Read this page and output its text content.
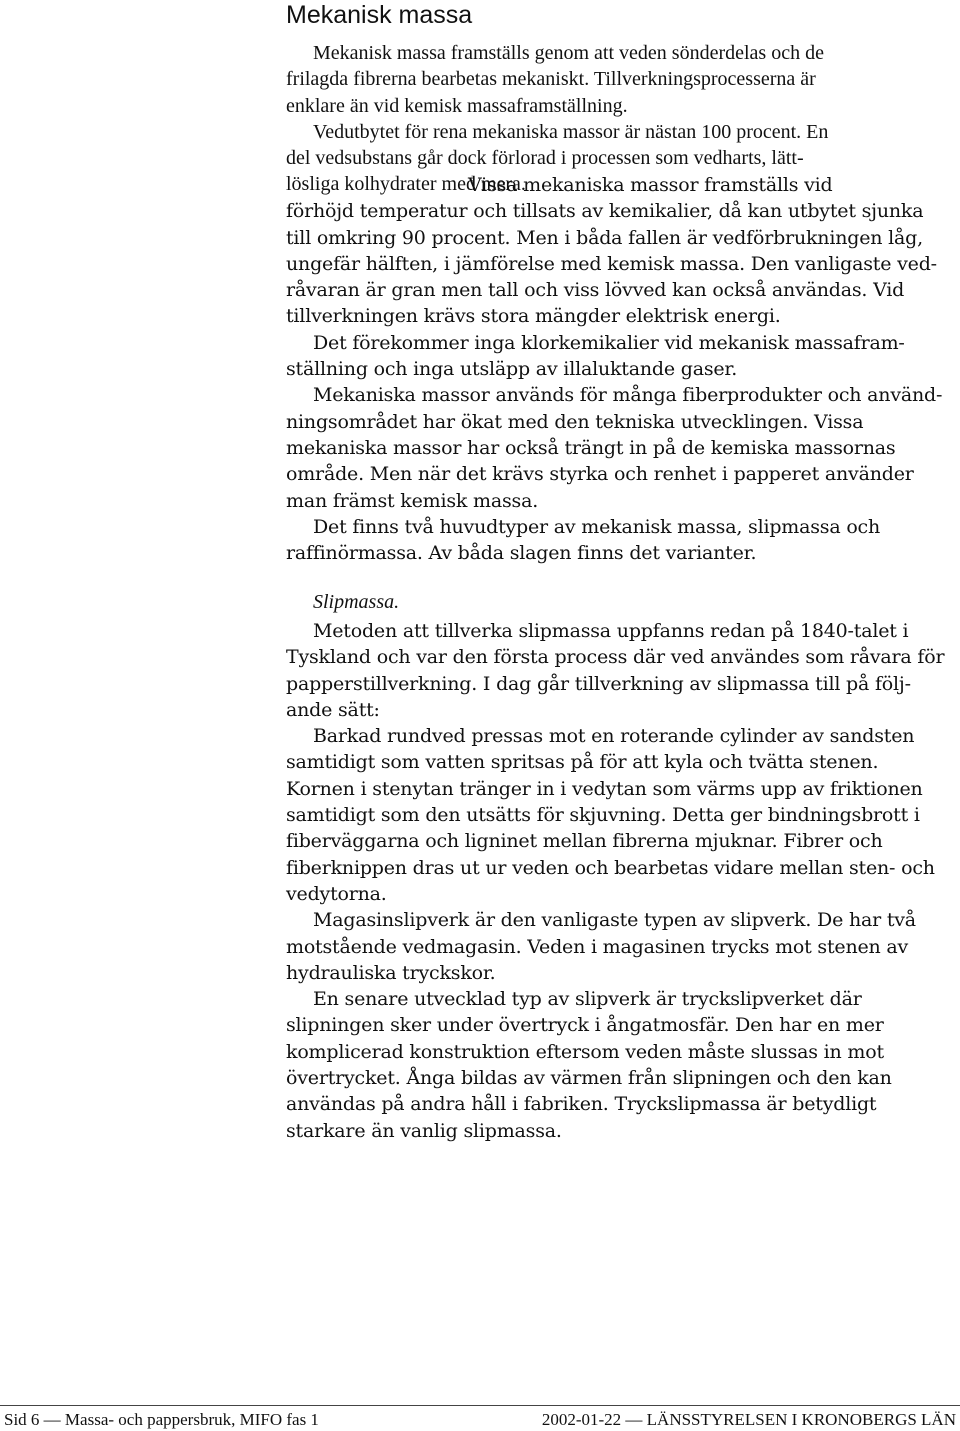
Mekanisk massa
Mekanisk massa framställs genom att veden sönderdelas och de
frilagda fibrerna bearbetas mekaniskt. Tillverkningsprocesserna är
enklare än vid kemisk massaframställning.
Vedutbytet för rena mekaniska massor är nästan 100 procent. En
del vedsubstans går dock förlorad i processen som vedharts, lätt-
lösliga kolhydrater med mera.
Vissa mekaniska massor framställs vid
förhöjd temperatur och tillsats av kemikalier, då kan utbytet sjunka
till omkring 90 procent. Men i båda fallen är vedförbrukningen låg,
ungefär hälften, i jämförelse med kemisk massa. Den vanligaste ved-
råvaran är gran men tall och viss lövved kan också användas. Vid
tillverkningen krävs stora mängder elektrisk energi.
Det förekommer inga klorkemikalier vid mekanisk massafram-
ställning och inga utsläpp av illaluktande gaser.
Mekaniska massor används för många fiberprodukter och använd-
ningsområdet har ökat med den tekniska utvecklingen. Vissa
mekaniska massor har också trängt in på de kemiska massornas
område. Men när det krävs styrka och renhet i papperet använder
man främst kemisk massa.
Det finns två huvudtyper av mekanisk massa, slipmassa och
raffinörmassa. Av båda slagen finns det varianter.
Slipmassa.
Metoden att tillverka slipmassa uppfanns redan på 1840-talet i
Tyskland och var den första process där ved användes som råvara för
papperstillverkning. I dag går tillverkning av slipmassa till på följ-
ande sätt:
Barkad rundved pressas mot en roterande cylinder av sandsten
samtidigt som vatten spritsas på för att kyla och tvätta stenen.
Kornen i stenytan tränger in i vedytan som värms upp av friktionen
samtidigt som den utsätts för skjuvning. Detta ger bindningsbrott i
fiberväggarna och ligninet mellan fibrerna mjuknar. Fibrer och
fiberknippen dras ut ur veden och bearbetas vidare mellan sten- och
vedytorna.
Magasinslipverk är den vanligaste typen av slipverk. De har två
motstående vedmagasin. Veden i magasinen trycks mot stenen av
hydrauliska tryckskor.
En senare utvecklad typ av slipverk är tryckslipverket där
slipningen sker under övertryck i ångatmosfär. Den har en mer
komplicerad konstruktion eftersom veden måste slussas in mot
övertrycket. Ånga bildas av värmen från slipningen och den kan
användas på andra håll i fabriken. Tryckslipmassa är betydligt
starkare än vanlig slipmassa.
Sid 6 — Massa- och pappersbruk, MIFO fas 1	2002-01-22 — LÄNSSTYRELSEN I KRONOBERGS LÄN
